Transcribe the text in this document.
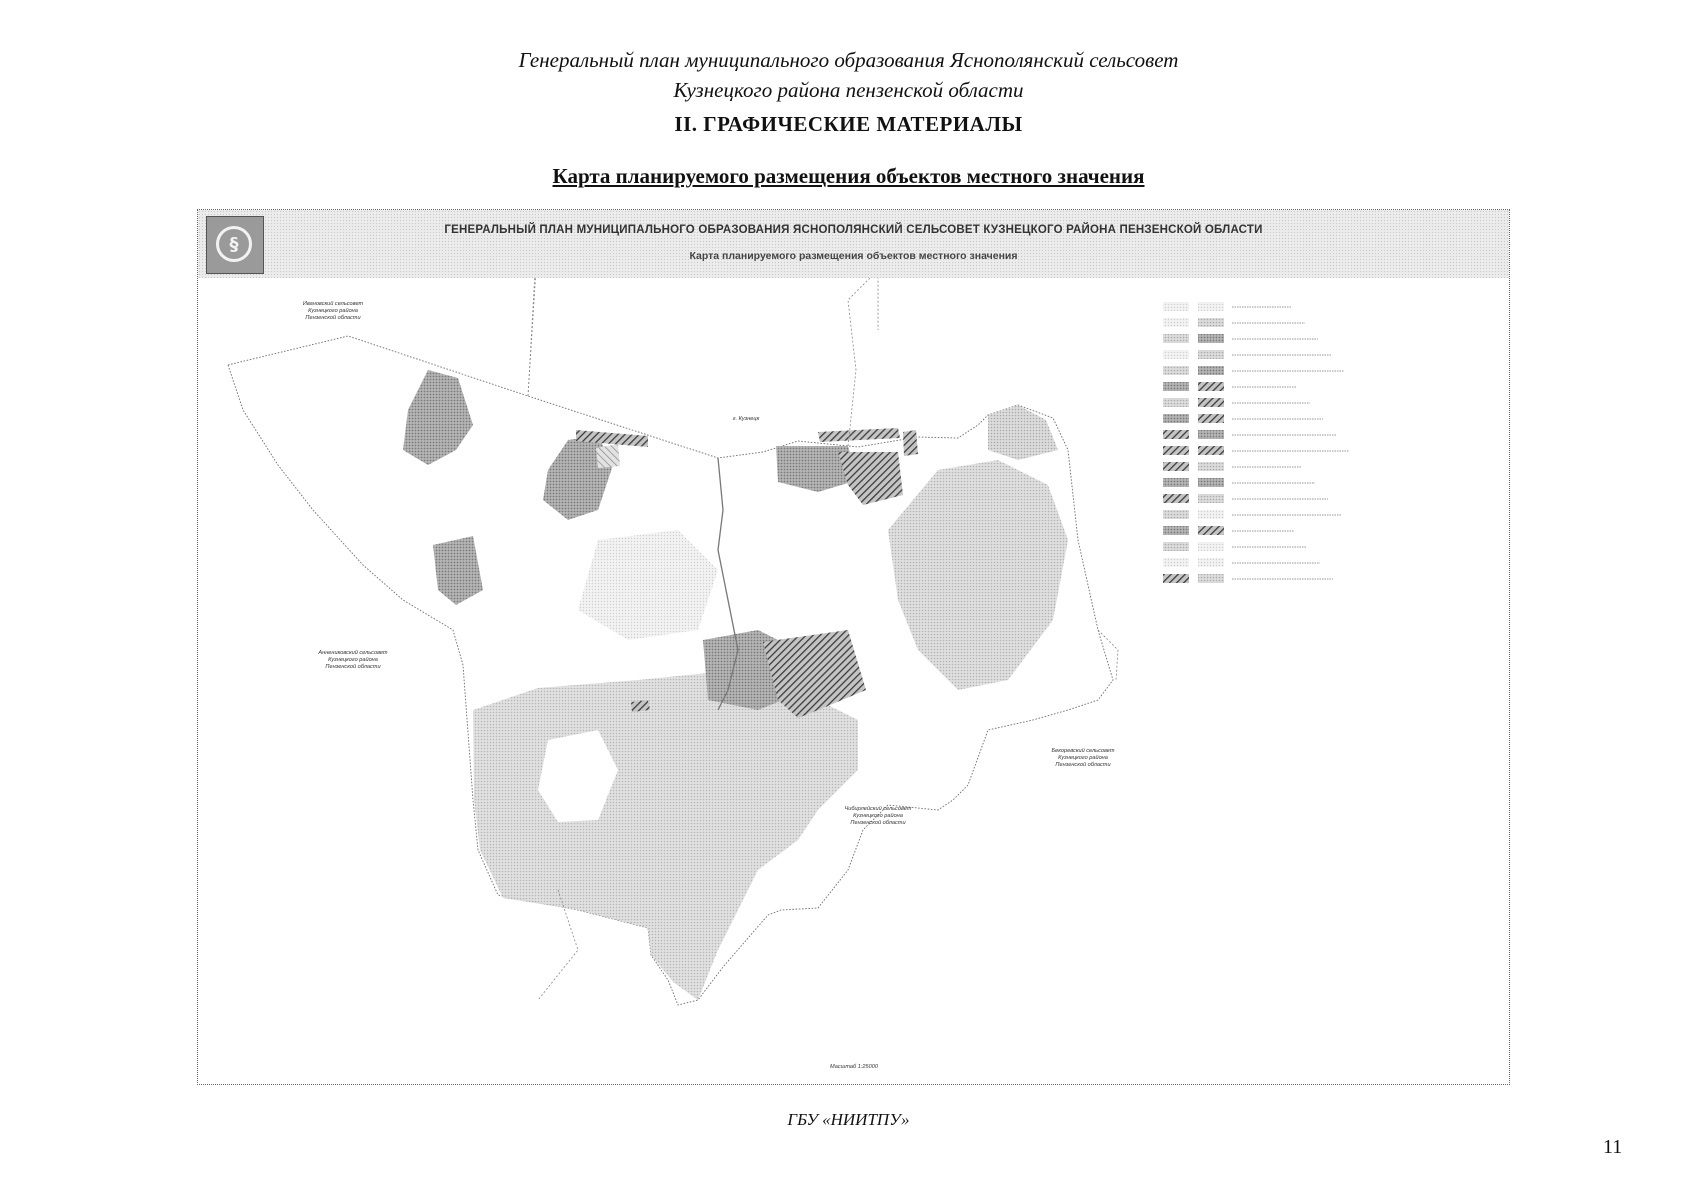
Генеральный план муниципального образования Яснополянский сельсовет
Кузнецкого района пензенской области
II. ГРАФИЧЕСКИЕ МАТЕРИАЛЫ
Карта планируемого размещения объектов местного значения
Ивановский сельсовет
Кузнецкого района
Пензенской области
Аннениковский сельсовет
Кузнецкого района
Пензенской области
Бекоревский сельсовет
Кузнецкого района
Пензенской области
Чибирлейский сельсовет
Кузнецкого района
Пензенской области
г. Кузнецк
Масштаб 1:25000
§
ГЕНЕРАЛЬНЫЙ ПЛАН МУНИЦИПАЛЬНОГО ОБРАЗОВАНИЯ ЯСНОПОЛЯНСКИЙ СЕЛЬСОВЕТ КУЗНЕЦКОГО РАЙОНА ПЕНЗЕНСКОЙ ОБЛАСТИ
Карта планируемого размещения объектов местного значения
ГБУ «НИИТПУ»
11
